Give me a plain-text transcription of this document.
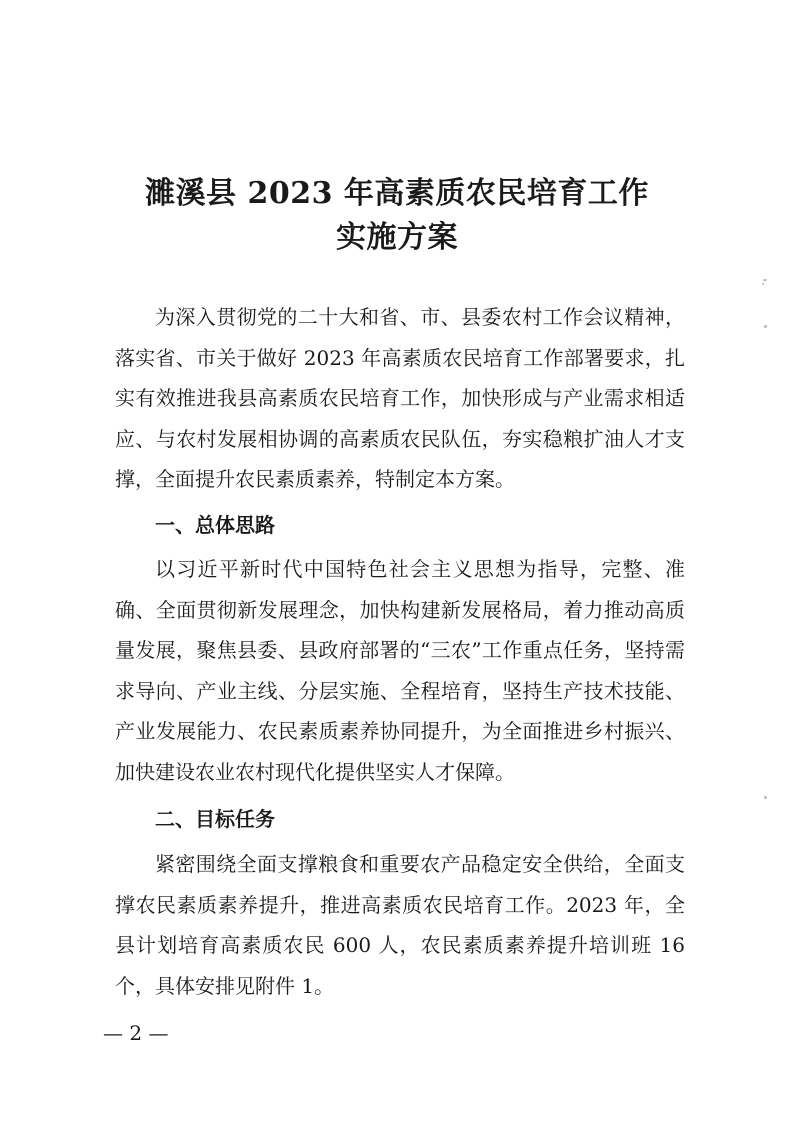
濉溪县 2023 年高素质农民培育工作
实施方案

为深入贯彻党的二十大和省、市、县委农村工作会议精神，落实省、市关于做好 2023 年高素质农民培育工作部署要求，扎实有效推进我县高素质农民培育工作，加快形成与产业需求相适应、与农村发展相协调的高素质农民队伍，夯实稳粮扩油人才支撑，全面提升农民素质素养，特制定本方案。

一、总体思路

以习近平新时代中国特色社会主义思想为指导，完整、准确、全面贯彻新发展理念，加快构建新发展格局，着力推动高质量发展，聚焦县委、县政府部署的“三农”工作重点任务，坚持需求导向、产业主线、分层实施、全程培育，坚持生产技术技能、产业发展能力、农民素质素养协同提升，为全面推进乡村振兴、加快建设农业农村现代化提供坚实人才保障。

二、目标任务

紧密围绕全面支撑粮食和重要农产品稳定安全供给，全面支撑农民素质素养提升，推进高素质农民培育工作。2023 年，全县计划培育高素质农民 600 人，农民素质素养提升培训班 16 个，具体安排见附件 1。

— 2 —
